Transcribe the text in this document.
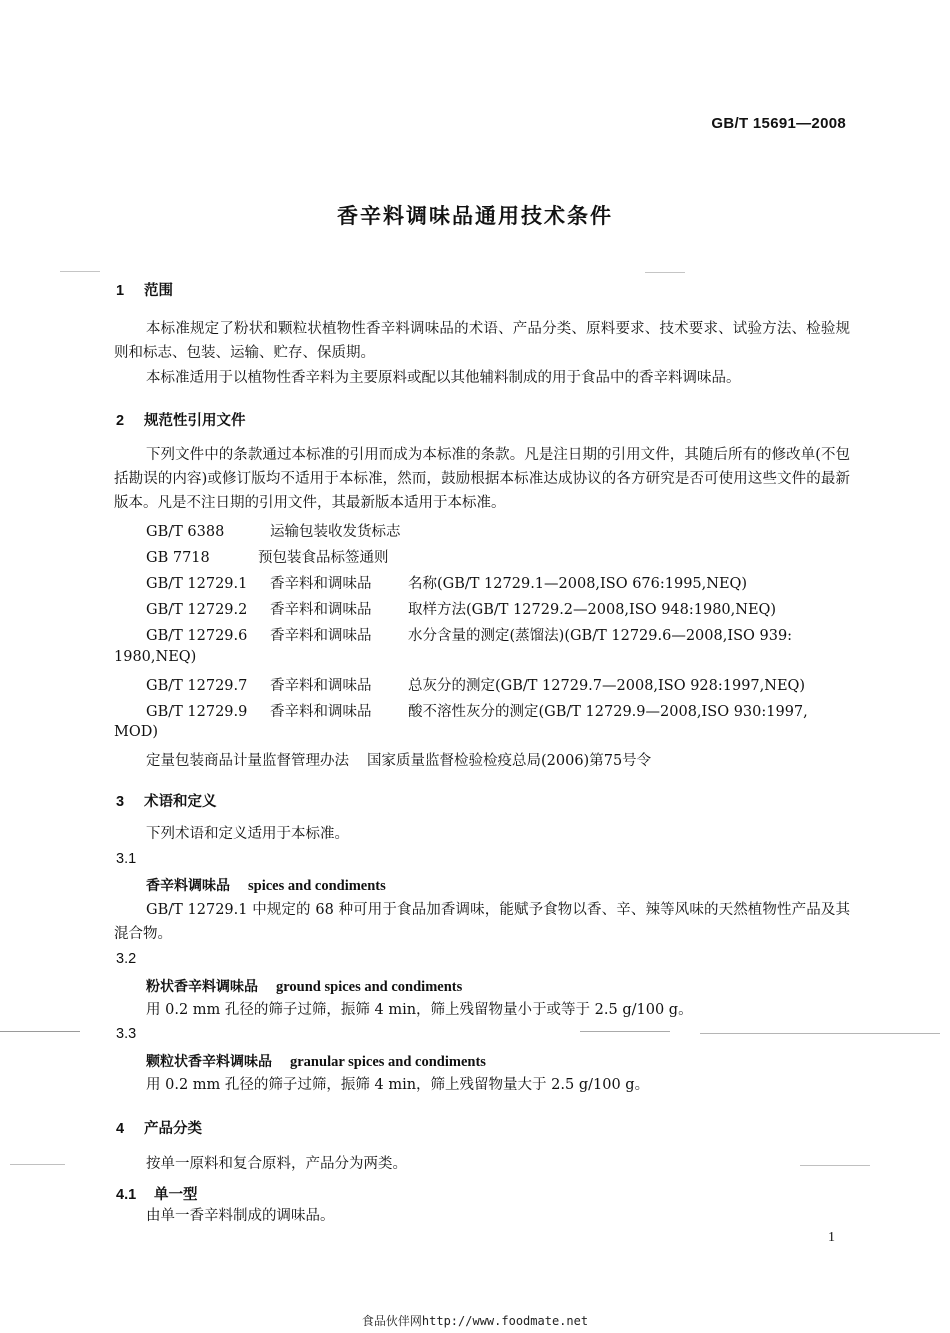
GB/T 15691—2008
香辛料调味品通用技术条件
1 范围
本标准规定了粉状和颗粒状植物性香辛料调味品的术语、产品分类、原料要求、技术要求、试验方法、检验规则和标志、包装、运输、贮存、保质期。
本标准适用于以植物性香辛料为主要原料或配以其他辅料制成的用于食品中的香辛料调味品。
2 规范性引用文件
下列文件中的条款通过本标准的引用而成为本标准的条款。凡是注日期的引用文件，其随后所有的修改单(不包括勘误的内容)或修订版均不适用于本标准，然而，鼓励根据本标准达成协议的各方研究是否可使用这些文件的最新版本。凡是不注日期的引用文件，其最新版本适用于本标准。
GB/T 6388	运输包装收发货标志
GB 7718	预包装食品标签通则
GB/T 12729.1 香辛料和调味品	名称(GB/T 12729.1—2008,ISO 676:1995,NEQ)
GB/T 12729.2 香辛料和调味品	取样方法(GB/T 12729.2—2008,ISO 948:1980,NEQ)
GB/T 12729.6 香辛料和调味品	水分含量的测定(蒸馏法)(GB/T 12729.6—2008,ISO 939:
1980,NEQ)
GB/T 12729.7 香辛料和调味品	总灰分的测定(GB/T 12729.7—2008,ISO 928:1997,NEQ)
GB/T 12729.9 香辛料和调味品	酸不溶性灰分的测定(GB/T 12729.9—2008,ISO 930:1997,
MOD)
定量包装商品计量监督管理办法 国家质量监督检验检疫总局(2006)第75号令
3 术语和定义
下列术语和定义适用于本标准。
3.1
香辛料调味品 spices and condiments
GB/T 12729.1 中规定的 68 种可用于食品加香调味，能赋予食物以香、辛、辣等风味的天然植物性产品及其混合物。
3.2
粉状香辛料调味品 ground spices and condiments
用 0.2 mm 孔径的筛子过筛，振筛 4 min，筛上残留物量小于或等于 2.5 g/100 g。
3.3
颗粒状香辛料调味品 granular spices and condiments
用 0.2 mm 孔径的筛子过筛，振筛 4 min，筛上残留物量大于 2.5 g/100 g。
4 产品分类
按单一原料和复合原料，产品分为两类。
4.1 单一型
由单一香辛料制成的调味品。
1
食品伙伴网http://www.foodmate.net
